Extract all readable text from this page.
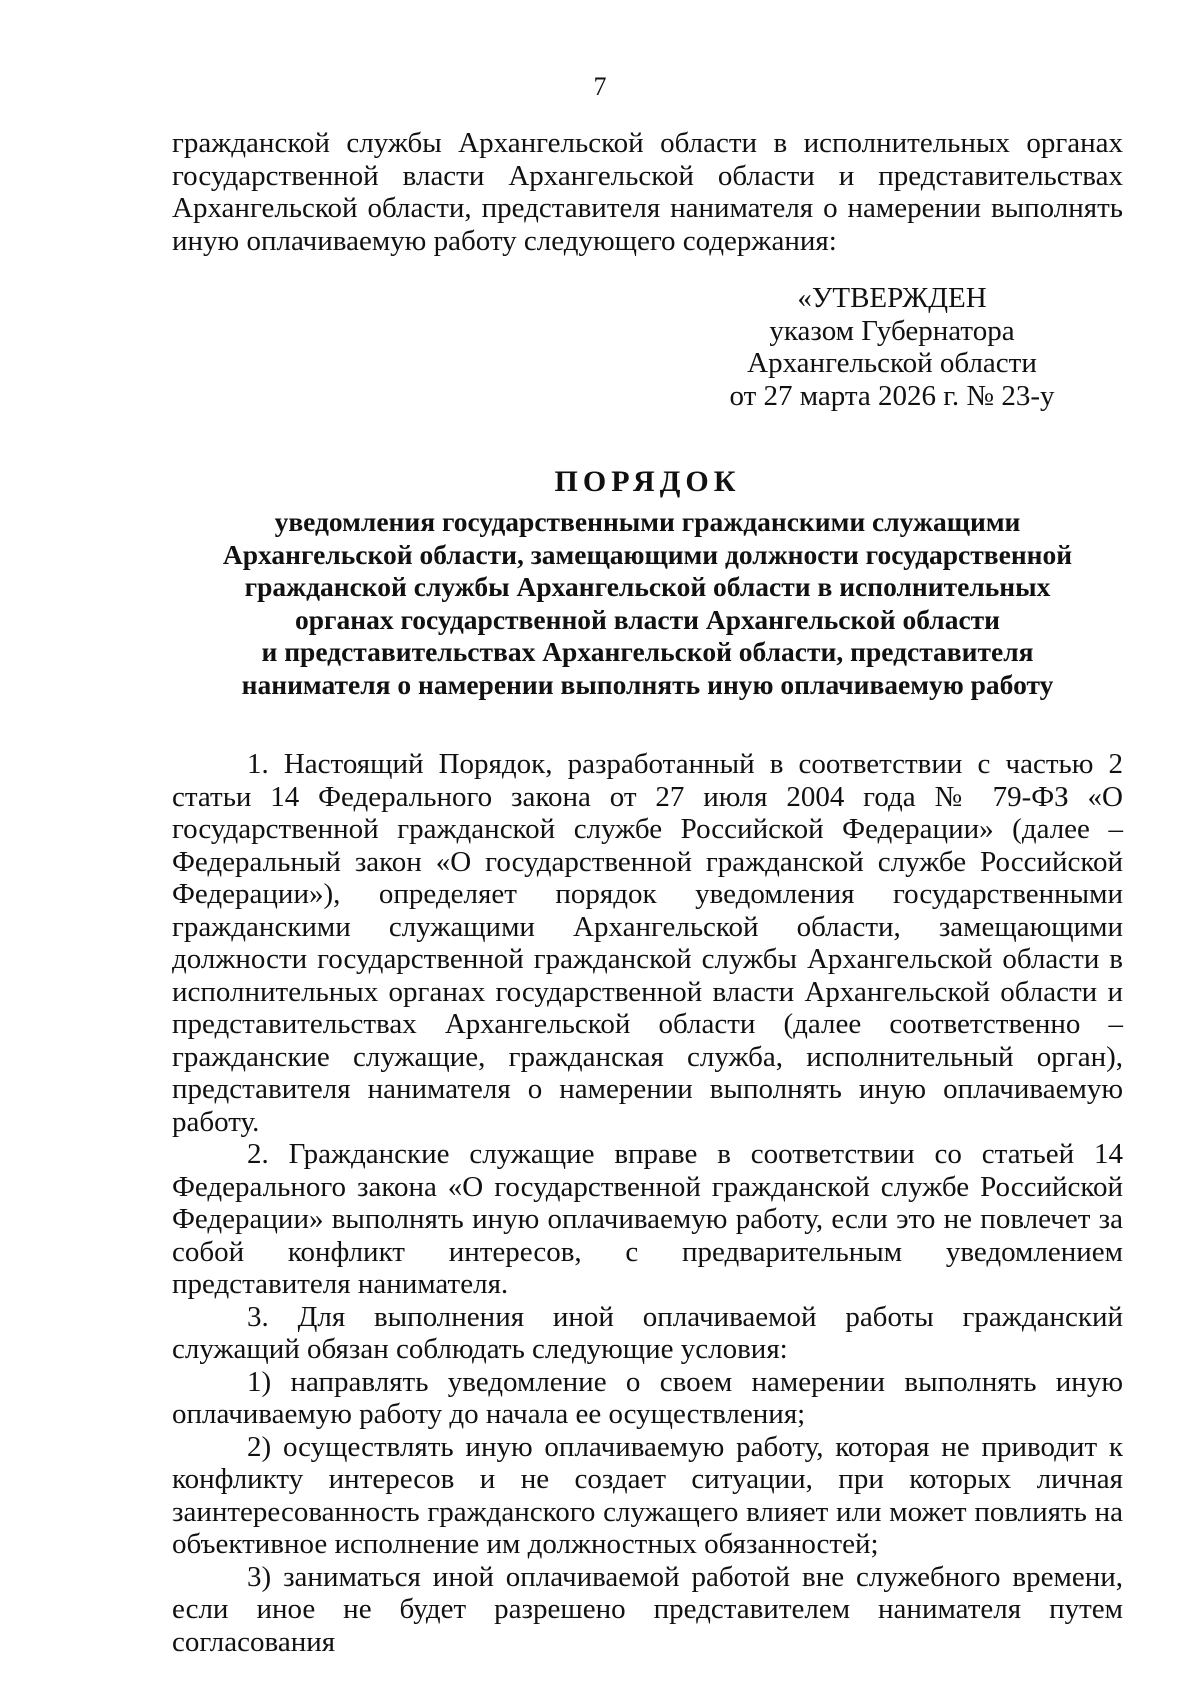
7

гражданской службы Архангельской области в исполнительных органах государственной власти Архангельской области и представительствах Архангельской области, представителя нанимателя о намерении выполнять иную оплачиваемую работу следующего содержания:

«УТВЕРЖДЕН
указом Губернатора
Архангельской области
от 27 марта 2026 г. № 23-у
ПОРЯДОК
уведомления государственными гражданскими служащими
Архангельской области, замещающими должности государственной
гражданской службы Архангельской области в исполнительных
органах государственной власти Архангельской области
и представительствах Архангельской области, представителя
нанимателя о намерении выполнять иную оплачиваемую работу

1. Настоящий Порядок, разработанный в соответствии с частью 2 статьи 14 Федерального закона от 27 июля 2004 года № 79-ФЗ «О государственной гражданской службе Российской Федерации» (далее – Федеральный закон «О государственной гражданской службе Российской Федерации»), определяет порядок уведомления государственными гражданскими служащими Архангельской области, замещающими должности государственной гражданской службы Архангельской области в исполнительных органах государственной власти Архангельской области и представительствах Архангельской области (далее соответственно – гражданские служащие, гражданская служба, исполнительный орган), представителя нанимателя о намерении выполнять иную оплачиваемую работу.

2. Гражданские служащие вправе в соответствии со статьей 14 Федерального закона «О государственной гражданской службе Российской Федерации» выполнять иную оплачиваемую работу, если это не повлечет за собой конфликт интересов, с предварительным уведомлением представителя нанимателя.

3. Для выполнения иной оплачиваемой работы гражданский служащий обязан соблюдать следующие условия:

1) направлять уведомление о своем намерении выполнять иную оплачиваемую работу до начала ее осуществления;

2) осуществлять иную оплачиваемую работу, которая не приводит к конфликту интересов и не создает ситуации, при которых личная заинтересованность гражданского служащего влияет или может повлиять на объективное исполнение им должностных обязанностей;

3) заниматься иной оплачиваемой работой вне служебного времени, если иное не будет разрешено представителем нанимателя путем согласования
